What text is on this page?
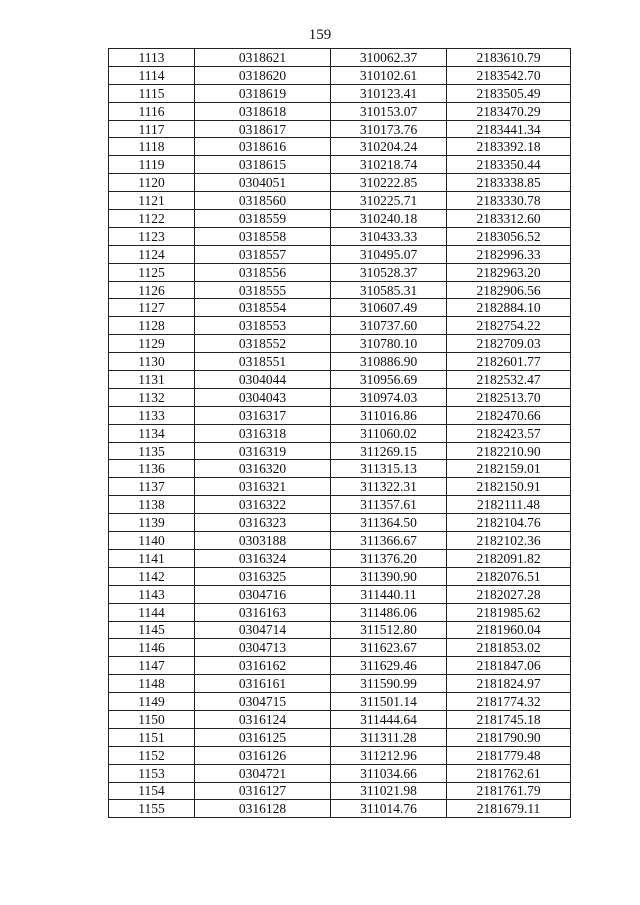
159
1113	0318621	310062.37	2183610.79
1114	0318620	310102.61	2183542.70
1115	0318619	310123.41	2183505.49
1116	0318618	310153.07	2183470.29
1117	0318617	310173.76	2183441.34
1118	0318616	310204.24	2183392.18
1119	0318615	310218.74	2183350.44
1120	0304051	310222.85	2183338.85
1121	0318560	310225.71	2183330.78
1122	0318559	310240.18	2183312.60
1123	0318558	310433.33	2183056.52
1124	0318557	310495.07	2182996.33
1125	0318556	310528.37	2182963.20
1126	0318555	310585.31	2182906.56
1127	0318554	310607.49	2182884.10
1128	0318553	310737.60	2182754.22
1129	0318552	310780.10	2182709.03
1130	0318551	310886.90	2182601.77
1131	0304044	310956.69	2182532.47
1132	0304043	310974.03	2182513.70
1133	0316317	311016.86	2182470.66
1134	0316318	311060.02	2182423.57
1135	0316319	311269.15	2182210.90
1136	0316320	311315.13	2182159.01
1137	0316321	311322.31	2182150.91
1138	0316322	311357.61	2182111.48
1139	0316323	311364.50	2182104.76
1140	0303188	311366.67	2182102.36
1141	0316324	311376.20	2182091.82
1142	0316325	311390.90	2182076.51
1143	0304716	311440.11	2182027.28
1144	0316163	311486.06	2181985.62
1145	0304714	311512.80	2181960.04
1146	0304713	311623.67	2181853.02
1147	0316162	311629.46	2181847.06
1148	0316161	311590.99	2181824.97
1149	0304715	311501.14	2181774.32
1150	0316124	311444.64	2181745.18
1151	0316125	311311.28	2181790.90
1152	0316126	311212.96	2181779.48
1153	0304721	311034.66	2181762.61
1154	0316127	311021.98	2181761.79
1155	0316128	311014.76	2181679.11
